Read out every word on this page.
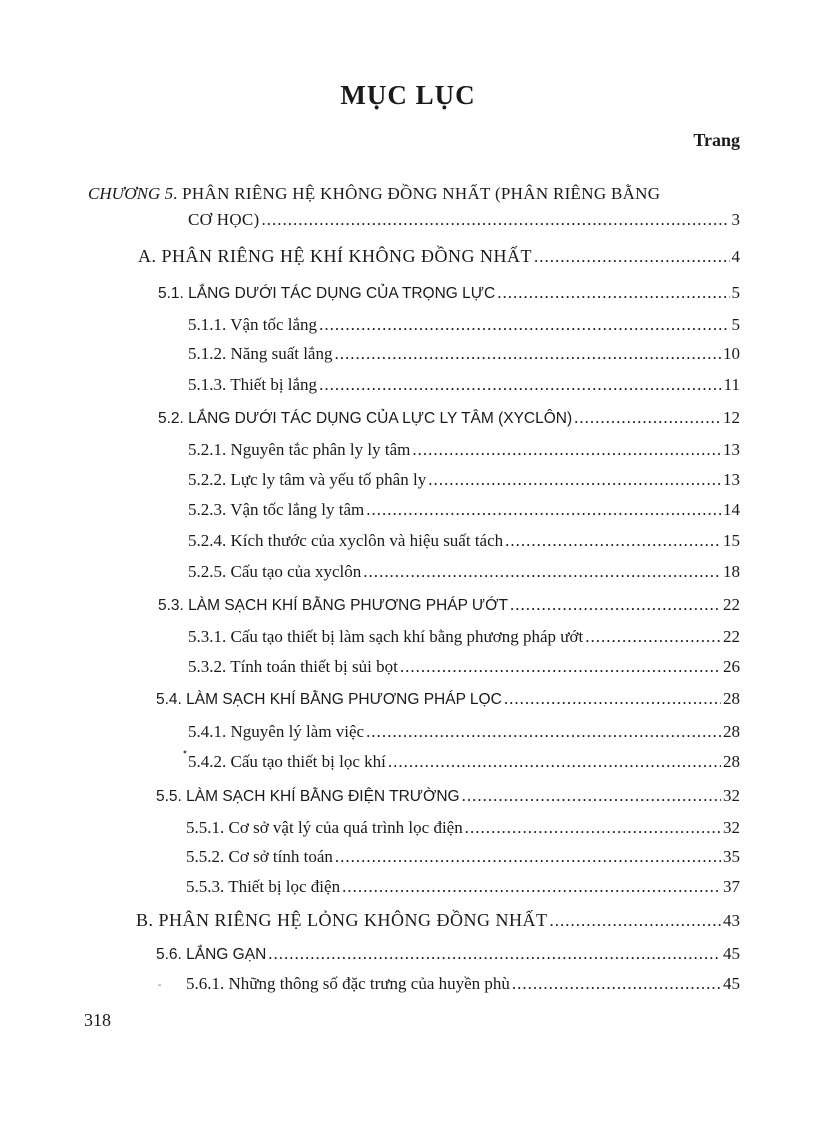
MỤC LỤC
Trang
CHƯƠNG 5. PHÂN RIÊNG HỆ KHÔNG ĐỒNG NHẤT (PHÂN RIÊNG BẰNG
CƠ HỌC) .....	3
A. PHÂN RIÊNG HỆ KHÍ KHÔNG ĐỒNG NHẤT .....	4
5.1. LẮNG DƯỚI TÁC DỤNG CỦA TRỌNG LỰC .....	5
5.1.1. Vận tốc lắng .....	5
5.1.2. Năng suất lắng .....	10
5.1.3. Thiết bị lắng .....	11
5.2. LẮNG DƯỚI TÁC DỤNG CỦA LỰC LY TÂM (XYCLÔN) .....	12
5.2.1. Nguyên tắc phân ly ly tâm .....	13
5.2.2. Lực ly tâm và yếu tố phân ly .....	13
5.2.3. Vận tốc lắng ly tâm .....	14
5.2.4. Kích thước của xyclôn và hiệu suất tách .....	15
5.2.5. Cấu tạo của xyclôn .....	18
5.3. LÀM SẠCH KHÍ BẰNG PHƯƠNG PHÁP ƯỚT .....	22
5.3.1. Cấu tạo thiết bị làm sạch khí bằng phương pháp ướt .....	22
5.3.2. Tính toán thiết bị sủi bọt .....	26
5.4. LÀM SẠCH KHÍ BẰNG PHƯƠNG PHÁP LỌC .....	28
5.4.1. Nguyên lý làm việc .....	28
• 5.4.2. Cấu tạo thiết bị lọc khí .....	28
5.5. LÀM SẠCH KHÍ BẰNG ĐIỆN TRƯỜNG .....	32
5.5.1. Cơ sở vật lý của quá trình lọc điện .....	32
5.5.2. Cơ sở tính toán .....	35
5.5.3. Thiết bị lọc điện .....	37
B. PHÂN RIÊNG HỆ LỎNG KHÔNG ĐỒNG NHẤT .....	43
5.6. LẮNG GẠN .....	45
- 5.6.1. Những thông số đặc trưng của huyền phù .....	45
318
